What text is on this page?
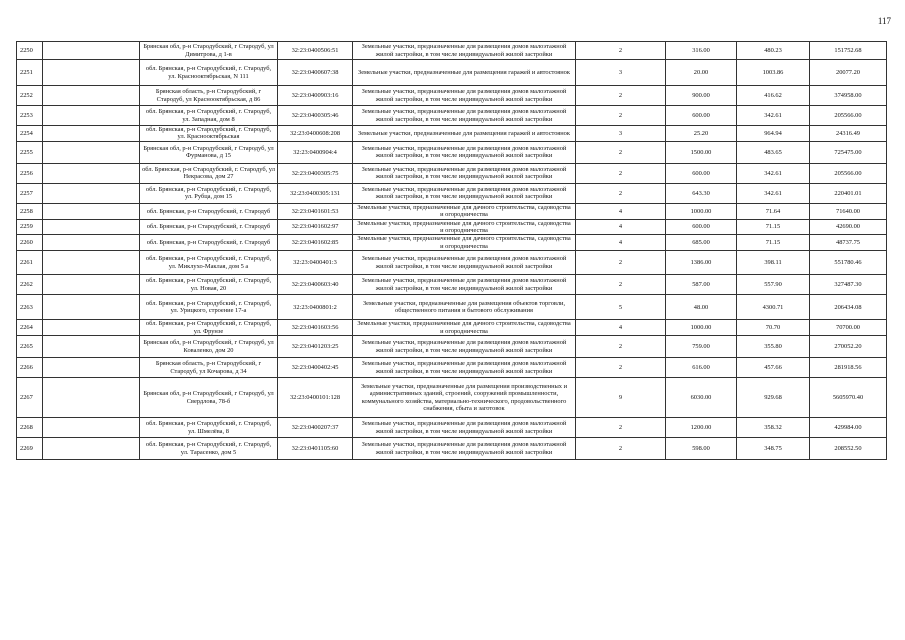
117
2250		Брянская обл, р-н Стародубский, г Стародуб, ул Димитрова, д 1-в	32:23:0400506:51	Земельные участки, предназначенные для размещения домов малоэтажной жилой застройки, в том числе индивидуальной жилой застройки	2	316.00	480.23	151752.68
2251		обл. Брянская, р-н Стародубский, г. Стародуб, ул. Краснооктябрьская, N 111	32:23:0400607:38	Земельные участки, предназначенные для размещения гаражей и автостоянок	3	20.00	1003.86	20077.20
2252		Брянская область, р-н Стародубский, г Стародуб, ул Краснооктябрьская, д 86	32:23:0400903:16	Земельные участки, предназначенные для размещения домов малоэтажной жилой застройки, в том числе индивидуальной жилой застройки	2	900.00	416.62	374958.00
2253		обл. Брянская, р-н Стародубский, г. Стародуб, ул. Западная, дом 8	32:23:0400305:46	Земельные участки, предназначенные для размещения домов малоэтажной жилой застройки, в том числе индивидуальной жилой застройки	2	600.00	342.61	205566.00
2254		обл. Брянская, р-н Стародубский, г. Стародуб, ул. Краснооктябрьская	32:23:0400608:208	Земельные участки, предназначенные для размещения гаражей и автостоянок	3	25.20	964.94	24316.49
2255		Брянская обл, р-н Стародубский, г Стародуб, ул Фурманова, д 15	32:23:0400904:4	Земельные участки, предназначенные для размещения домов малоэтажной жилой застройки, в том числе индивидуальной жилой застройки	2	1500.00	483.65	725475.00
2256		обл. Брянская, р-н Стародубский, г. Стародуб, ул Некрасова, дом 27	32:23:0400305:75	Земельные участки, предназначенные для размещения домов малоэтажной жилой застройки, в том числе индивидуальной жилой застройки	2	600.00	342.61	205566.00
2257		обл. Брянская, р-н Стародубский, г. Стародуб, ул. Рубца, дом 15	32:23:0400305:131	Земельные участки, предназначенные для размещения домов малоэтажной жилой застройки, в том числе индивидуальной жилой застройки	2	643.30	342.61	220401.01
2258		обл. Брянская, р-н Стародубский, г. Стародуб	32:23:0401601:53	Земельные участки, предназначенные для дачного строительства, садоводства и огородничества	4	1000.00	71.64	71640.00
2259		обл. Брянская, р-н Стародубский, г. Стародуб	32:23:0401602:97	Земельные участки, предназначенные для дачного строительства, садоводства и огородничества	4	600.00	71.15	42690.00
2260		обл. Брянская, р-н Стародубский, г. Стародуб	32:23:0401602:85	Земельные участки, предназначенные для дачного строительства, садоводства и огородничества	4	685.00	71.15	48737.75
2261		обл. Брянская, р-н Стародубский, г. Стародуб, ул. Миклухо-Маклая, дом 5 а	32:23:0400401:3	Земельные участки, предназначенные для размещения домов малоэтажной жилой застройки, в том числе индивидуальной жилой застройки	2	1386.00	398.11	551780.46
2262		обл. Брянская, р-н Стародубский, г. Стародуб, ул. Новая, 20	32:23:0400603:40	Земельные участки, предназначенные для размещения домов малоэтажной жилой застройки, в том числе индивидуальной жилой застройки	2	587.00	557.90	327487.30
2263		обл. Брянская, р-н Стародубский, г. Стародуб, ул. Урицкого, строение 17-а	32:23:0400801:2	Земельные участки, предназначенные для размещения объектов торговли, общественного питания и бытового обслуживания	5	48.00	4300.71	206434.08
2264		обл. Брянская, р-н Стародубский, г. Стародуб, ул. Фрунзе	32:23:0401603:56	Земельные участки, предназначенные для дачного строительства, садоводства и огородничества	4	1000.00	70.70	70700.00
2265		Брянская обл, р-н Стародубский, г Стародуб, ул Коваленко, дом 20	32:23:0401203:25	Земельные участки, предназначенные для размещения домов малоэтажной жилой застройки, в том числе индивидуальной жилой застройки	2	759.00	355.80	270052.20
2266		Брянская область, р-н Стародубский, г Стародуб, ул Кочарова, д 34	32:23:0400402:45	Земельные участки, предназначенные для размещения домов малоэтажной жилой застройки, в том числе индивидуальной жилой застройки	2	616.00	457.66	281918.56
2267		Брянская обл, р-н Стародубский, г Стародуб, ул Свердлова, 78-б	32:23:0400101:128	Земельные участки, предназначенные для размещения производственных и административных зданий, строений, сооружений промышленности, коммунального хозяйства, материально-технического, продовольственного снабжения, сбыта и заготовок	9	6030.00	929.68	5605970.40
2268		обл. Брянская, р-н Стародубский, г. Стародуб, ул. Шмелёва, 8	32:23:0400207:37	Земельные участки, предназначенные для размещения домов малоэтажной жилой застройки, в том числе индивидуальной жилой застройки	2	1200.00	358.32	429984.00
2269		обл. Брянская, р-н Стародубский, г. Стародуб, ул. Тарасенко, дом 5	32:23:0401105:60	Земельные участки, предназначенные для размещения домов малоэтажной жилой застройки, в том числе индивидуальной жилой застройки	2	598.00	348.75	208552.50
